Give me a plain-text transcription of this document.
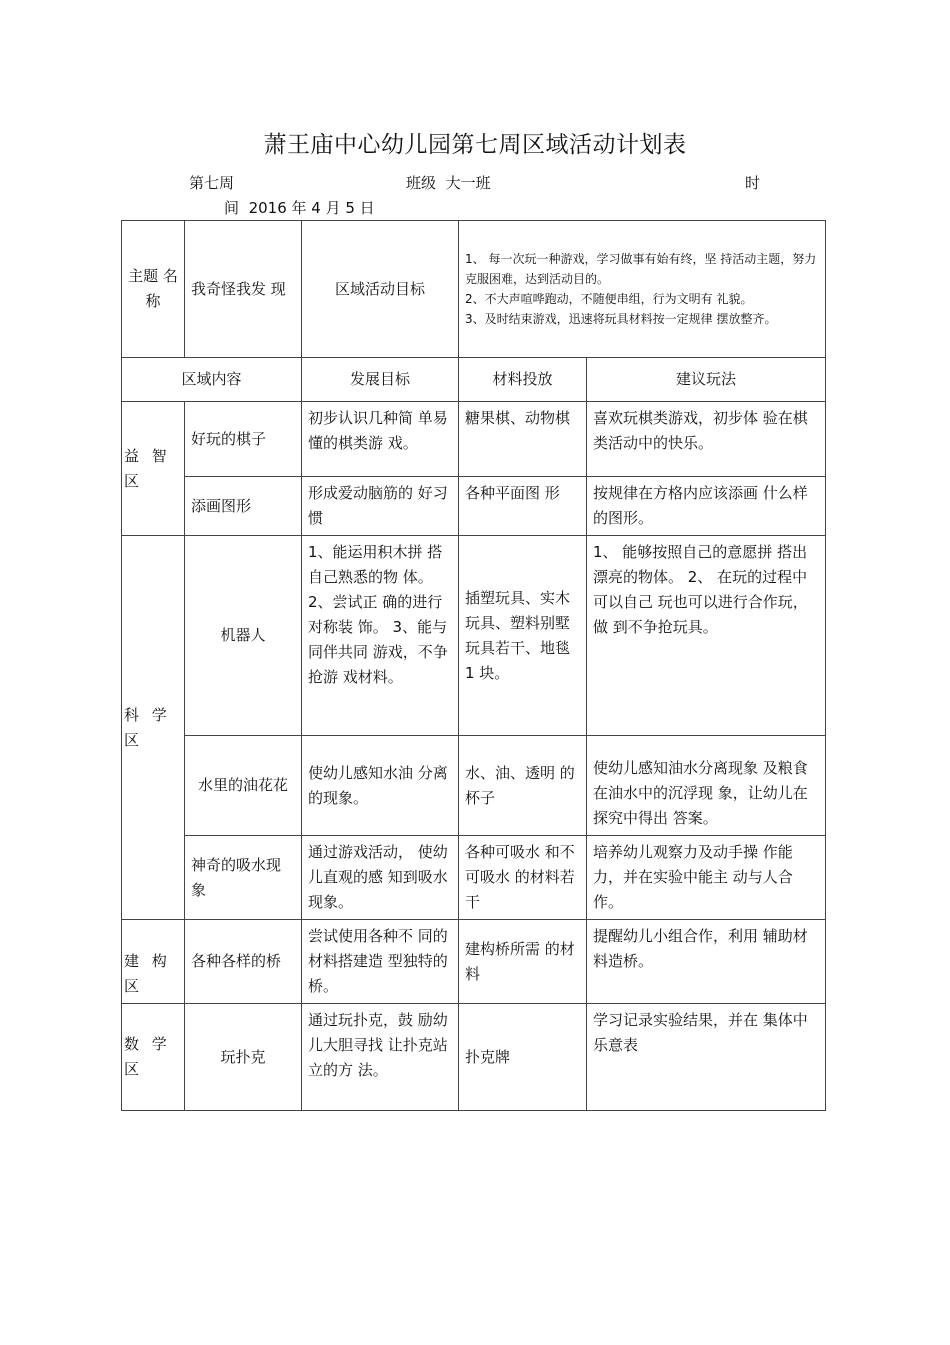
萧王庙中心幼儿园第七周区域活动计划表
第七周	班级 大一班	时
间 2016 年 4 月 5 日
主题 名称	我奇怪我发 现	区域活动目标	1、 每一次玩一种游戏，学习做事有始有终，坚 持活动主题，努力克服困难，达到活动目的。
2、不大声喧哗跑动，不随便串组，行为文明有 礼貌。
3、及时结束游戏，迅速将玩具材料按一定规律 摆放整齐。	

区域内容		发展目标	材料投放	建议玩法
益 智 区	好玩的棋子	初步认识几种简 单易懂的棋类游 戏。	糖果棋、动物棋	喜欢玩棋类游戏，初步体 验在棋类活动中的快乐。
	添画图形	形成爱动脑筋的 好习惯	各种平面图 形	按规律在方格内应该添画 什么样的图形。
科 学 区	机器人	1、能运用积木拼 搭自己熟悉的物 体。 2、尝试正 确的进行对称装 饰。 3、能与同伴共同 游戏，不争抢游 戏材料。	插塑玩具、实木玩具、塑料别墅玩具若干、地毯 1 块。	1、 能够按照自己的意愿拼 搭出漂亮的物体。 2、 在玩的过程中可以自己 玩也可以进行合作玩，做 到不争抢玩具。
	水里的油花花	使幼儿感知水油 分离的现象。	水、油、透明 的杯子	使幼儿感知油水分离现象 及粮食在油水中的沉浮现 象，让幼儿在探究中得出 答案。
	神奇的吸水现象	通过游戏活动， 使幼儿直观的感 知到吸水现象。	各种可吸水 和不可吸水 的材料若干	培养幼儿观察力及动手操 作能力，并在实验中能主 动与人合作。
建 构 区	各种各样的桥	尝试使用各种不 同的材料搭建造 型独特的桥。	建构桥所需 的材料	提醒幼儿小组合作，利用 辅助材料造桥。
数 学 区	玩扑克	通过玩扑克，鼓 励幼儿大胆寻找 让扑克站立的方 法。	扑克牌	学习记录实验结果，并在 集体中乐意表
